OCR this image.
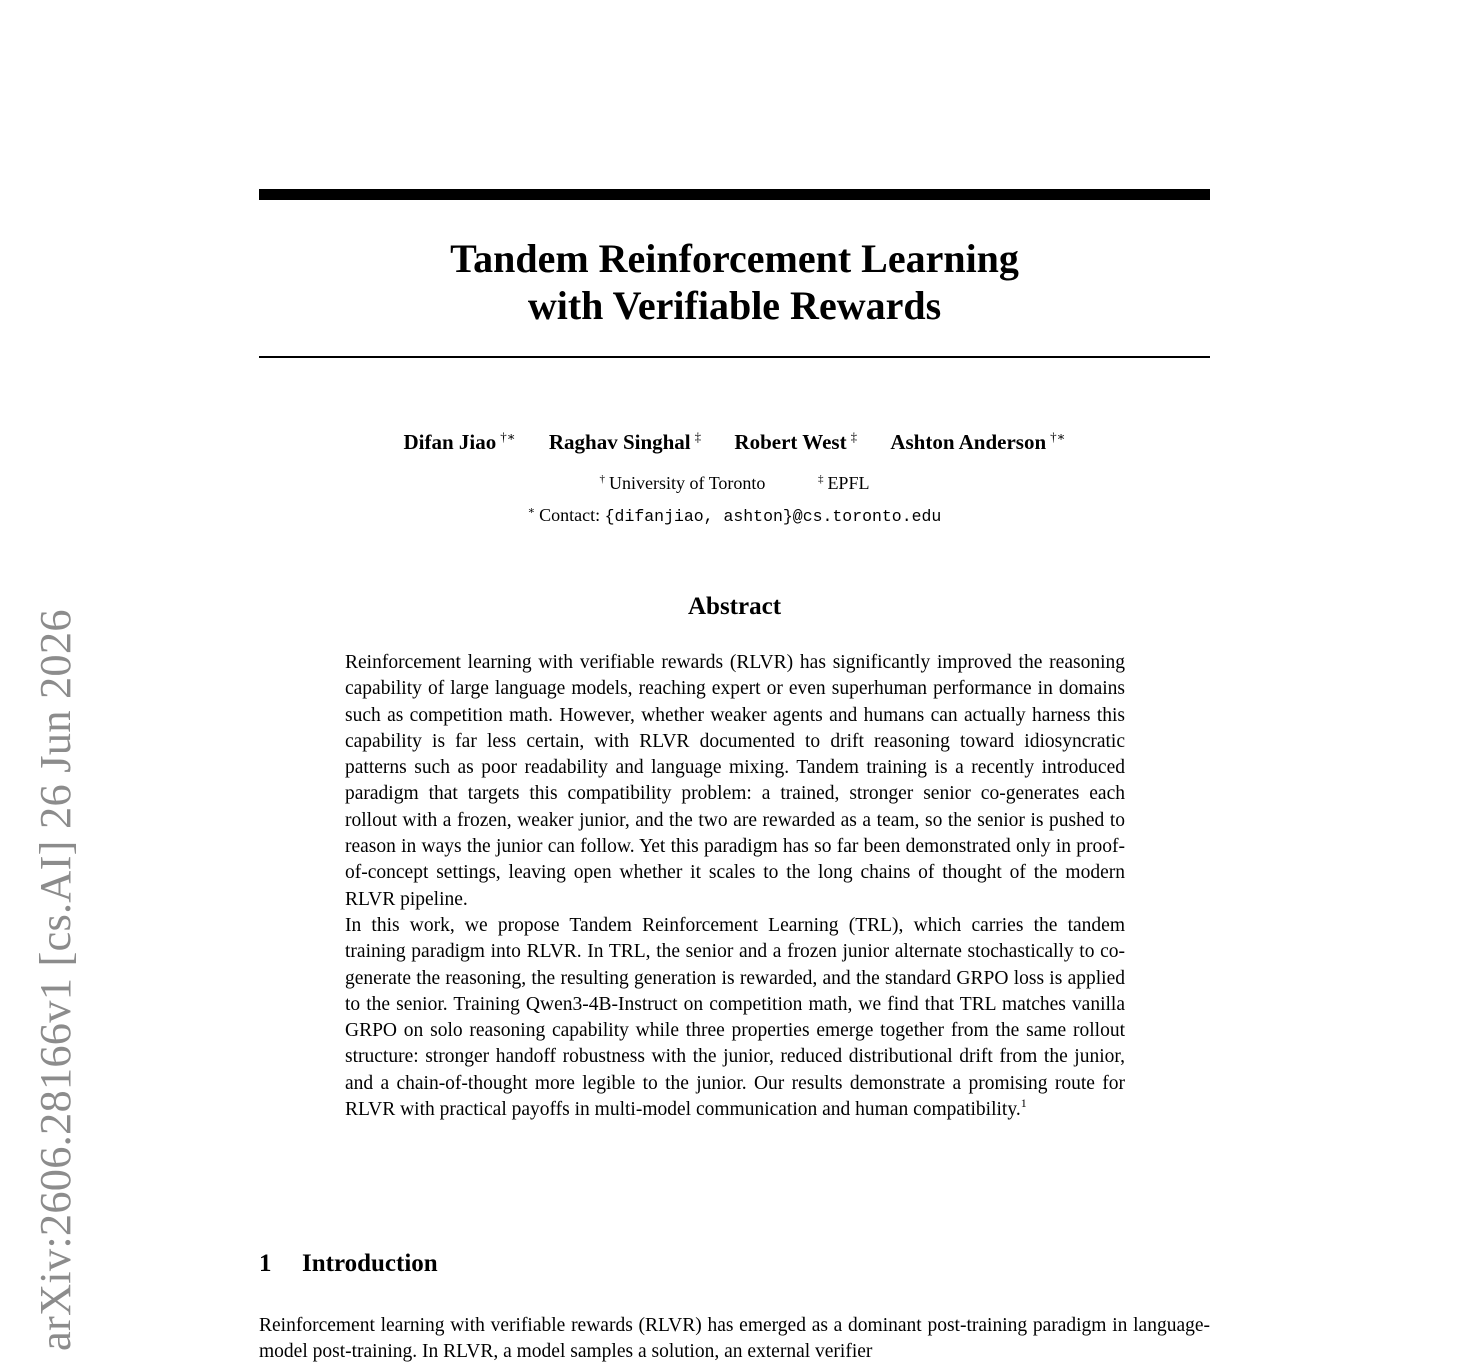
arXiv:2606.28166v1 [cs.AI] 26 Jun 2026
Tandem Reinforcement Learning
with Verifiable Rewards
Difan Jiao †∗ Raghav Singhal ‡ Robert West ‡ Ashton Anderson †∗
† University of Toronto	‡ EPFL
∗ Contact: {difanjiao, ashton}@cs.toronto.edu
Abstract
Reinforcement learning with verifiable rewards (RLVR) has significantly improved the reasoning capability of large language models, reaching expert or even superhuman performance in domains such as competition math. However, whether weaker agents and humans can actually harness this capability is far less certain, with RLVR documented to drift reasoning toward idiosyncratic patterns such as poor readability and language mixing. Tandem training is a recently introduced paradigm that targets this compatibility problem: a trained, stronger senior co-generates each rollout with a frozen, weaker junior, and the two are rewarded as a team, so the senior is pushed to reason in ways the junior can follow. Yet this paradigm has so far been demonstrated only in proof-of-concept settings, leaving open whether it scales to the long chains of thought of the modern RLVR pipeline.
In this work, we propose Tandem Reinforcement Learning (TRL), which carries the tandem training paradigm into RLVR. In TRL, the senior and a frozen junior alternate stochastically to co-generate the reasoning, the resulting generation is rewarded, and the standard GRPO loss is applied to the senior. Training Qwen3-4B-Instruct on competition math, we find that TRL matches vanilla GRPO on solo reasoning capability while three properties emerge together from the same rollout structure: stronger handoff robustness with the junior, reduced distributional drift from the junior, and a chain-of-thought more legible to the junior. Our results demonstrate a promising route for RLVR with practical payoffs in multi-model communication and human compatibility.$^1$
1 Introduction
Reinforcement learning with verifiable rewards (RLVR) has emerged as a dominant post-training paradigm in language-model post-training. In RLVR, a model samples a solution, an external verifier
